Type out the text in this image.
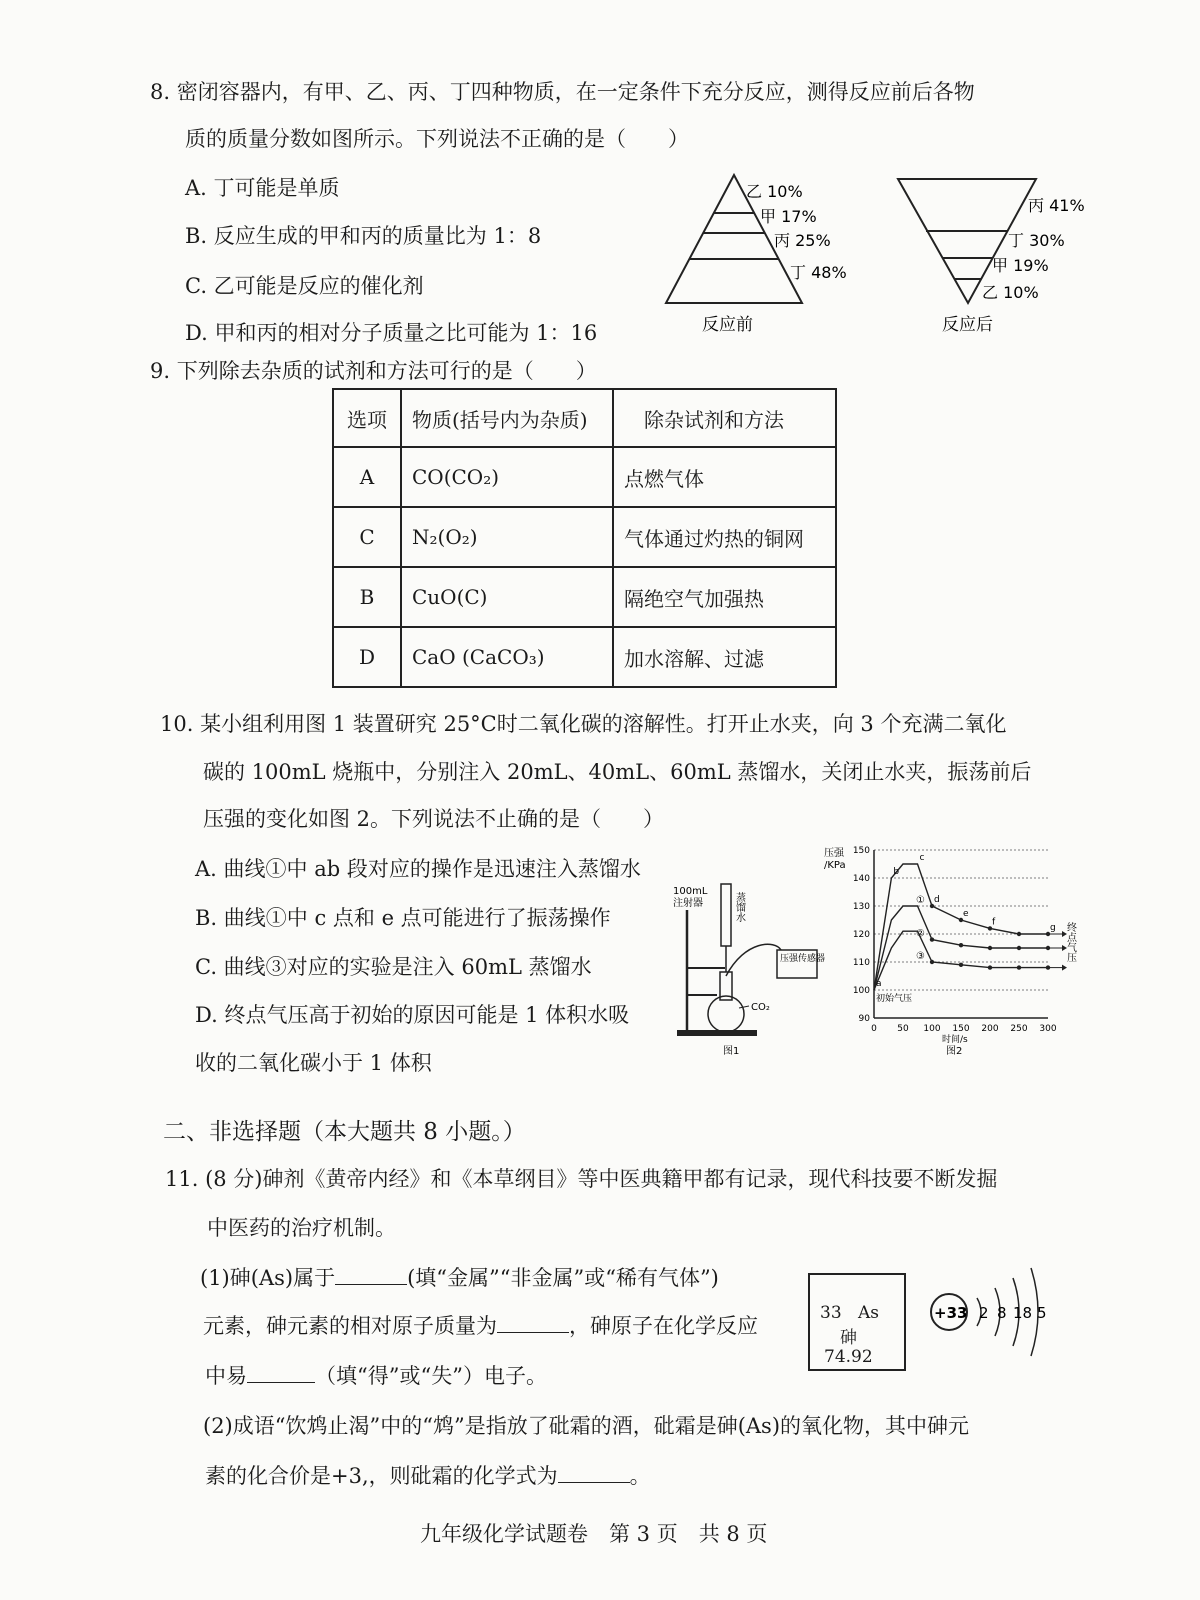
8. 密闭容器内，有甲、乙、丙、丁四种物质，在一定条件下充分反应，测得反应前后各物
质的质量分数如图所示。下列说法不正确的是（　　）
A. 丁可能是单质
B. 反应生成的甲和丙的质量比为 1：8
C. 乙可能是反应的催化剂
D. 甲和丙的相对分子质量之比可能为 1：16
乙 10%
甲 17%
丙 25%
丁 48%
反应前
丙 41%
丁 30%
甲 19%
乙 10%
反应后
9. 下列除去杂质的试剂和方法可行的是（　　）
选项	物质(括号内为杂质)	除杂试剂和方法
A	CO(CO₂)	点燃气体
C	N₂(O₂)	气体通过灼热的铜网
B	CuO(C)	隔绝空气加强热
D	CaO (CaCO₃)	加水溶解、过滤
10. 某小组利用图 1 装置研究 25°C时二氧化碳的溶解性。打开止水夹，向 3 个充满二氧化
碳的 100mL 烧瓶中，分别注入 20mL、40mL、60mL 蒸馏水，关闭止水夹，振荡前后
压强的变化如图 2。下列说法不止确的是（　　）
A. 曲线①中 ab 段对应的操作是迅速注入蒸馏水
B. 曲线①中 c 点和 e 点可能进行了振荡操作
C. 曲线③对应的实验是注入 60mL 蒸馏水
D. 终点气压高于初始的原因可能是 1 体积水吸
收的二氧化碳小于 1 体积
100mL
注射器	蒸馏水
CO₂
压强传感器
图1
压强
/KPa
①
②
③
a
b
c
d
e
f
g
90
100
110
120
130
140
150
0 50 100 150 200 250 300
初始气压
时间/s
图2
终点气压
二、非选择题（本大题共 8 小题。）
11. (8 分)砷剂《黄帝内经》和《本草纲目》等中医典籍甲都有记录，现代科技要不断发掘
中医药的治疗机制。
(1)砷(As)属于	(填“金属”“非金属”或“稀有气体”)
元素，砷元素的相对原子质量为	，砷原子在化学反应
中易	（填“得”或“失”）电子。
33 As
砷
74.92
+33 2 8 18 5
(2)成语“饮鸩止渴”中的“鸩”是指放了砒霜的酒，砒霜是砷(As)的氧化物，其中砷元
素的化合价是+3,，则砒霜的化学式为	。
九年级化学试题卷　第 3 页　共 8 页
